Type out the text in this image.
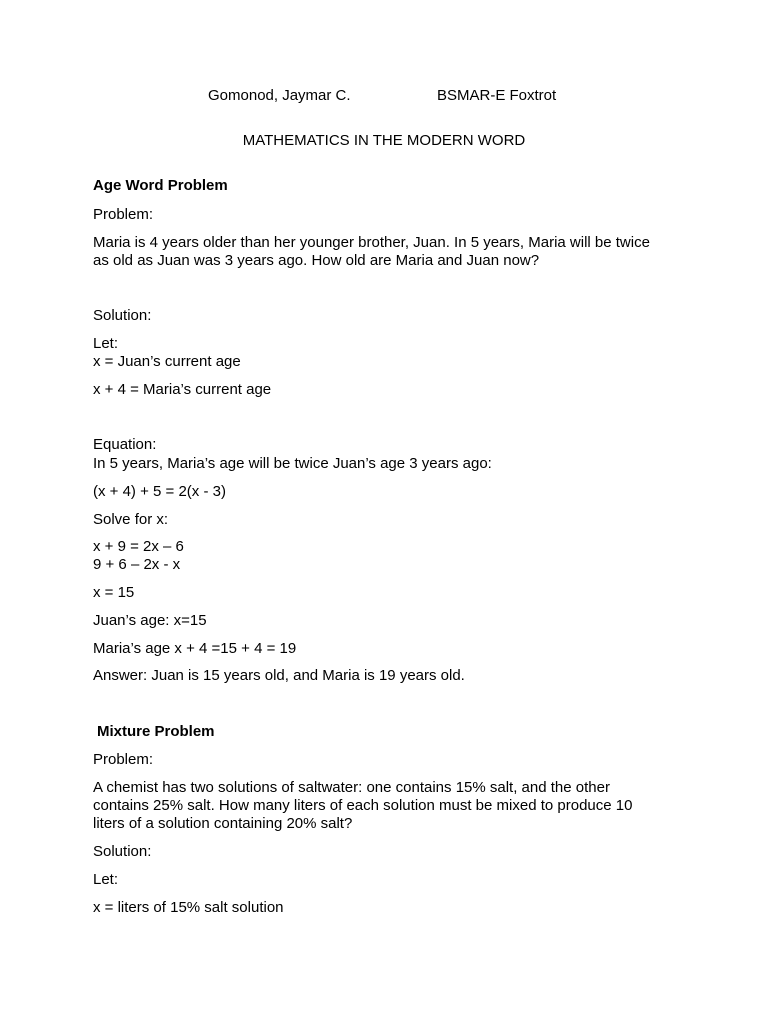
Gomonod, Jaymar C.	BSMAR-E Foxtrot
MATHEMATICS IN THE MODERN WORD
Age Word Problem
Problem:
Maria is 4 years older than her younger brother, Juan. In 5 years, Maria will be twice
as old as Juan was 3 years ago. How old are Maria and Juan now?
Solution:
Let:
x = Juan’s current age
x + 4 = Maria’s current age
Equation:
In 5 years, Maria’s age will be twice Juan’s age 3 years ago:
(x + 4) + 5 = 2(x - 3)
Solve for x:
x + 9 = 2x – 6
9 + 6 – 2x - x
x = 15
Juan’s age: x=15
Maria’s age x + 4 =15 + 4 = 19
Answer: Juan is 15 years old, and Maria is 19 years old.
Mixture Problem
Problem:
A chemist has two solutions of saltwater: one contains 15% salt, and the other
contains 25% salt. How many liters of each solution must be mixed to produce 10
liters of a solution containing 20% salt?
Solution:
Let:
x = liters of 15% salt solution
